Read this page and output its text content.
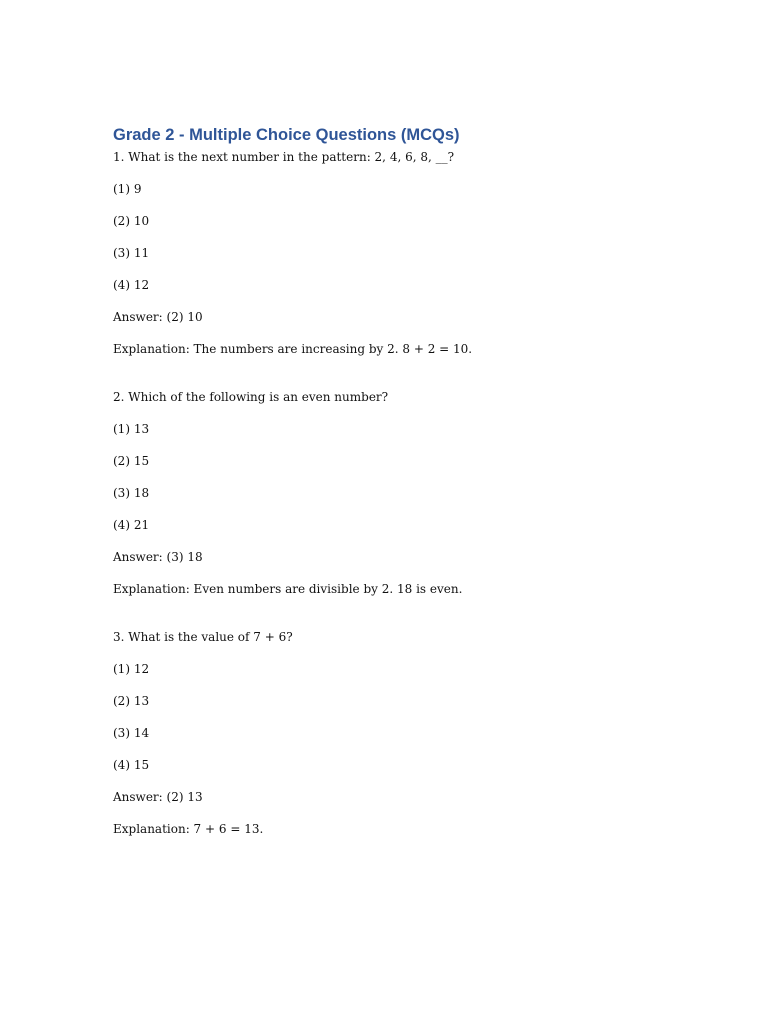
Grade 2 - Multiple Choice Questions (MCQs)

1. What is the next number in the pattern: 2, 4, 6, 8, __?

(1) 9

(2) 10

(3) 11

(4) 12

Answer: (2) 10

Explanation: The numbers are increasing by 2. 8 + 2 = 10.

2. Which of the following is an even number?

(1) 13

(2) 15

(3) 18

(4) 21

Answer: (3) 18

Explanation: Even numbers are divisible by 2. 18 is even.

3. What is the value of 7 + 6?

(1) 12

(2) 13

(3) 14

(4) 15

Answer: (2) 13

Explanation: 7 + 6 = 13.
